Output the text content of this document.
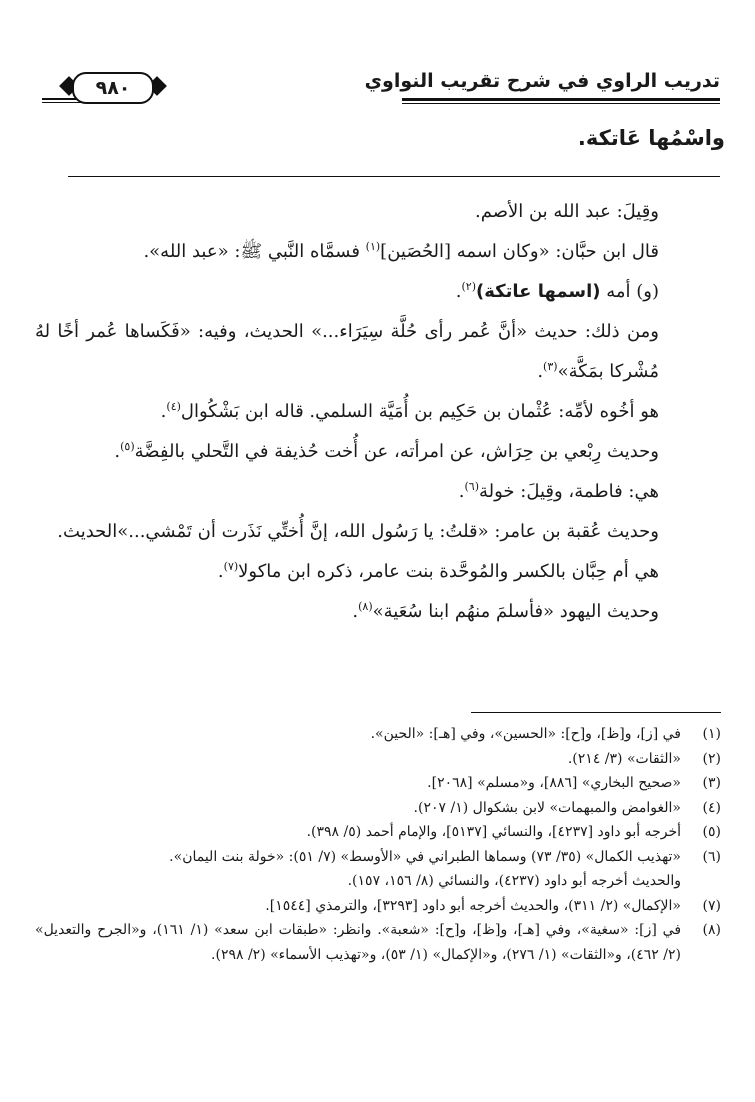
تدريب الراوي في شرح تقريب النواوي
٩٨٠
واسْمُها عَاتكة.

وقِيلَ: عبد الله بن الأصم.

قال ابن حبَّان: «وكان اسمه [الحُصَين]$^{(١)}$ فسمَّاه النَّبي ﷺ: «عبد الله».

(و) أمه (اسمها عاتكة)$^{(٢)}$.

ومن ذلك: حديث «أنَّ عُمر رأى حُلَّة سِيَرَاء...» الحديث، وفيه: «فَكَساها عُمر أخًا لهُ مُشْركا بمَكَّة»$^{(٣)}$.

هو أخُوه لأمِّه: عُثْمان بن حَكِيم بن أُمَيَّة السلمي. قاله ابن بَشْكُوال$^{(٤)}$.

وحديث رِبْعي بن حِرَاش، عن امرأته، عن أُخت حُذيفة في التَّحلي بالفِضَّة$^{(٥)}$.

هي: فاطمة، وقِيلَ: خولة$^{(٦)}$.

وحديث عُقبة بن عامر: «قلتُ: يا رَسُول الله، إنَّ أُختِّي نَذَرت أن تَمْشي...»الحديث.

هي أم حِبَّان بالكسر والمُوحَّدة بنت عامر، ذكره ابن ماكولا$^{(٧)}$.

وحديث اليهود «فأسلمَ منهُم ابنا سُعَية»$^{(٨)}$.

(١)
في [ز]، و[ظ]، و[ح]: «الحسين»، وفي [هـ]: «الحين».
(٢)
«الثقات» (٣/ ٢١٤).
(٣)
«صحيح البخاري» [٨٨٦]، و«مسلم» [٢٠٦٨].
(٤)
«الغوامض والمبهمات» لابن بشكوال (١/ ٢٠٧).
(٥)
أخرجه أبو داود [٤٢٣٧]، والنسائي [٥١٣٧]، والإمام أحمد (٥/ ٣٩٨).
(٦)
«تهذيب الكمال» (٣٥/ ٧٣) وسماها الطبراني في «الأوسط» (٧/ ٥١): «خولة بنت اليمان».
والحديث أخرجه أبو داود (٤٢٣٧)، والنسائي (٨/ ١٥٦، ١٥٧).
(٧)
«الإكمال» (٢/ ٣١١)، والحديث أخرجه أبو داود [٣٢٩٣]، والترمذي [١٥٤٤].
(٨)
في [ز]: «سغية»، وفي [هـ]، و[ظ]، و[ح]: «شعبة». وانظر: «طبقات ابن سعد» (١/ ١٦١)، و«الجرح والتعديل» (٢/ ٤٦٢)، و«الثقات» (١/ ٢٧٦)، و«الإكمال» (١/ ٥٣)، و«تهذيب الأسماء» (٢/ ٢٩٨).
